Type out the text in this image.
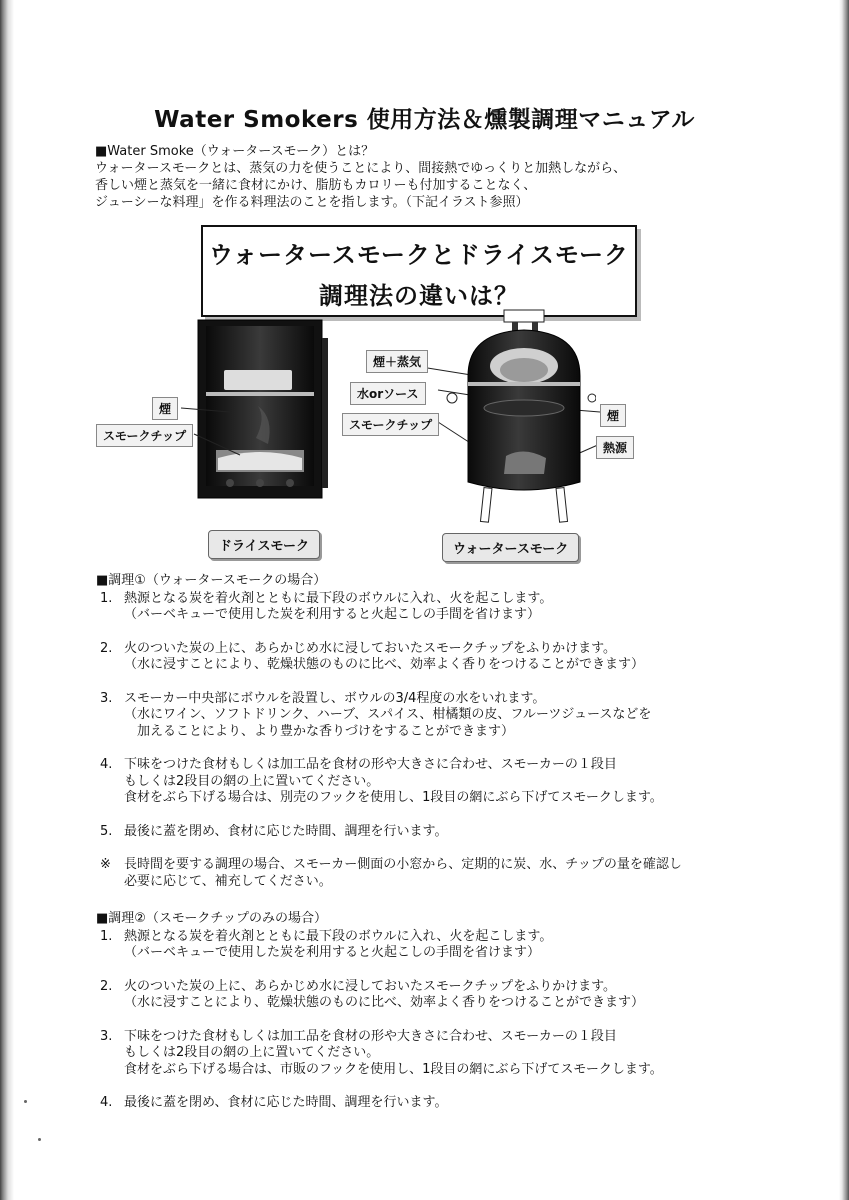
Water Smokers 使用方法＆燻製調理マニュアル
■Water Smoke（ウォータースモーク）とは？
ウォータースモークとは、蒸気の力を使うことにより、間接熱でゆっくりと加熱しながら、
香しい煙と蒸気を一緒に食材にかけ、脂肪もカロリーも付加することなく、
ジューシーな料理」を作る料理法のことを指します。（下記イラスト参照）
ウォータースモークとドライスモーク
調理法の違いは？
煙
スモークチップ
ドライスモーク
煙＋蒸気
水orソース
スモークチップ
煙
熱源
ウォータースモーク
■調理①（ウォータースモークの場合）
1. 熱源となる炭を着火剤とともに最下段のボウルに入れ、火を起こします。
（バーベキューで使用した炭を利用すると火起こしの手間を省けます）
2. 火のついた炭の上に、あらかじめ水に浸しておいたスモークチップをふりかけます。
（水に浸すことにより、乾燥状態のものに比べ、効率よく香りをつけることができます）
3. スモーカー中央部にボウルを設置し、ボウルの3/4程度の水をいれます。
（水にワイン、ソフトドリンク、ハーブ、スパイス、柑橘類の皮、フルーツジュースなどを
　加えることにより、より豊かな香りづけをすることができます）
4. 下味をつけた食材もしくは加工品を食材の形や大きさに合わせ、スモーカーの１段目
もしくは2段目の網の上に置いてください。
食材をぶら下げる場合は、別売のフックを使用し、1段目の網にぶら下げてスモークします。
5. 最後に蓋を閉め、食材に応じた時間、調理を行います。
※ 長時間を要する調理の場合、スモーカー側面の小窓から、定期的に炭、水、チップの量を確認し
必要に応じて、補充してください。
■調理②（スモークチップのみの場合）
1. 熱源となる炭を着火剤とともに最下段のボウルに入れ、火を起こします。
（バーベキューで使用した炭を利用すると火起こしの手間を省けます）
2. 火のついた炭の上に、あらかじめ水に浸しておいたスモークチップをふりかけます。
（水に浸すことにより、乾燥状態のものに比べ、効率よく香りをつけることができます）
3. 下味をつけた食材もしくは加工品を食材の形や大きさに合わせ、スモーカーの１段目
もしくは2段目の網の上に置いてください。
食材をぶら下げる場合は、市販のフックを使用し、1段目の網にぶら下げてスモークします。
4. 最後に蓋を閉め、食材に応じた時間、調理を行います。
